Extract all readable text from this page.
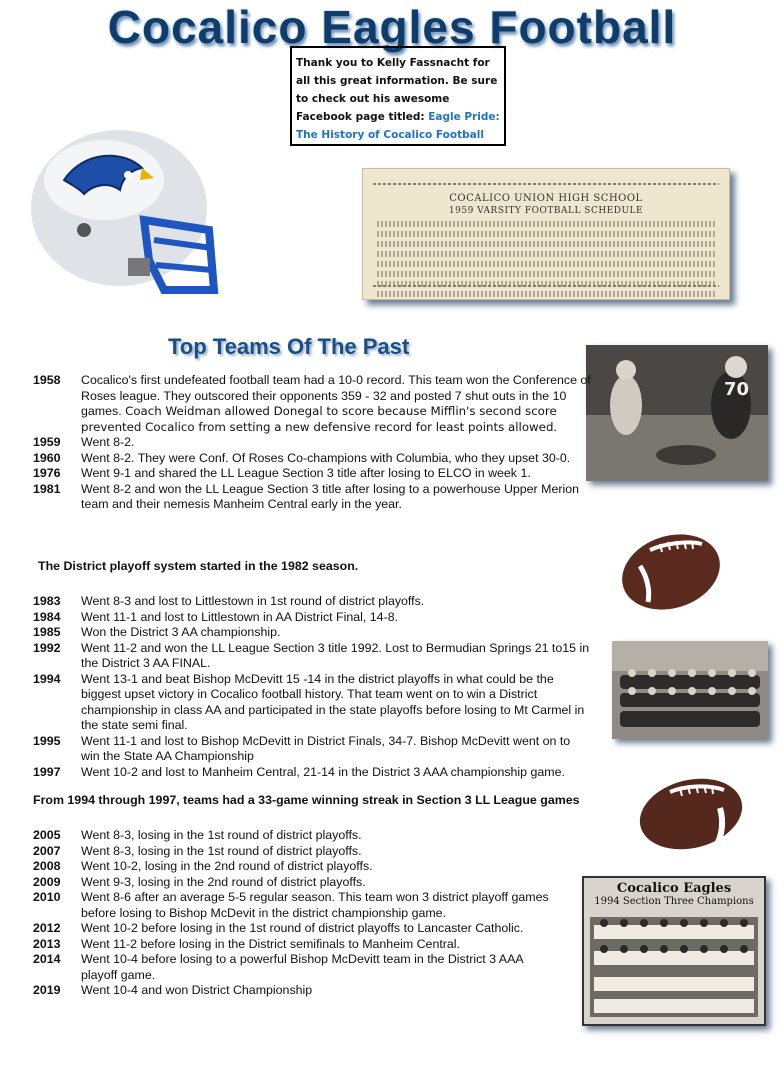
Cocalico Eagles Football
Thank you to Kelly Fassnacht for all this great information. Be sure to check out his awesome Facebook page titled: Eagle Pride: The History of Cocalico Football
COCALICO UNION HIGH SCHOOL
1959 VARSITY FOOTBALL SCHEDULE
Top Teams Of The Past
70
Cocalico Eagles
1994 Section Three Champions
1958	Cocalico's first undefeated football team had a 10-0 record. This team won the Conference of Roses league. They outscored their opponents 359 - 32 and posted 7 shut outs in the 10 games. Coach Weidman allowed Donegal to score because Mifflin's second score prevented Cocalico from setting a new defensive record for least points allowed.
1959	Went 8-2.
1960	Went 8-2. They were Conf. Of Roses Co-champions with Columbia, who they upset 30-0.
1976	Went 9-1 and shared the LL League Section 3 title after losing to ELCO in week 1.
1981	Went 8-2 and won the LL League Section 3 title after losing to a powerhouse Upper Merion team and their nemesis Manheim Central early in the year.
The District playoff system started in the 1982 season.
1983	Went 8-3 and lost to Littlestown in 1st round of district playoffs.
1984	Went 11-1 and lost to Littlestown in AA District Final, 14-8.
1985	Won the District 3 AA championship.
1992	Went 11-2 and won the LL League Section 3 title 1992. Lost to Bermudian Springs 21 to15 in the District 3 AA FINAL.
1994	Went 13-1 and beat Bishop McDevitt 15 -14 in the district playoffs in what could be the biggest upset victory in Cocalico football history. That team went on to win a District championship in class AA and participated in the state playoffs before losing to Mt Carmel in the state semi final.
1995	Went 11-1 and lost to Bishop McDevitt in District Finals, 34-7. Bishop McDevitt went on to win the State AA Championship
1997	Went 10-2 and lost to Manheim Central, 21-14 in the District 3 AAA championship game.
From 1994 through 1997, teams had a 33-game winning streak in Section 3 LL League games
2005	Went 8-3, losing in the 1st round of district playoffs.
2007	Went 8-3, losing in the 1st round of district playoffs.
2008	Went 10-2, losing in the 2nd round of district playoffs.
2009	Went 9-3, losing in the 2nd round of district playoffs.
2010	Went 8-6 after an average 5-5 regular season. This team won 3 district playoff games before losing to Bishop McDevit in the district championship game.
2012	Went 10-2 before losing in the 1st round of district playoffs to Lancaster Catholic.
2013	Went 11-2 before losing in the District semifinals to Manheim Central.
2014	Went 10-4 before losing to a powerful Bishop McDevitt team in the District 3 AAA playoff game.
2019	Went 10-4 and won District Championship
